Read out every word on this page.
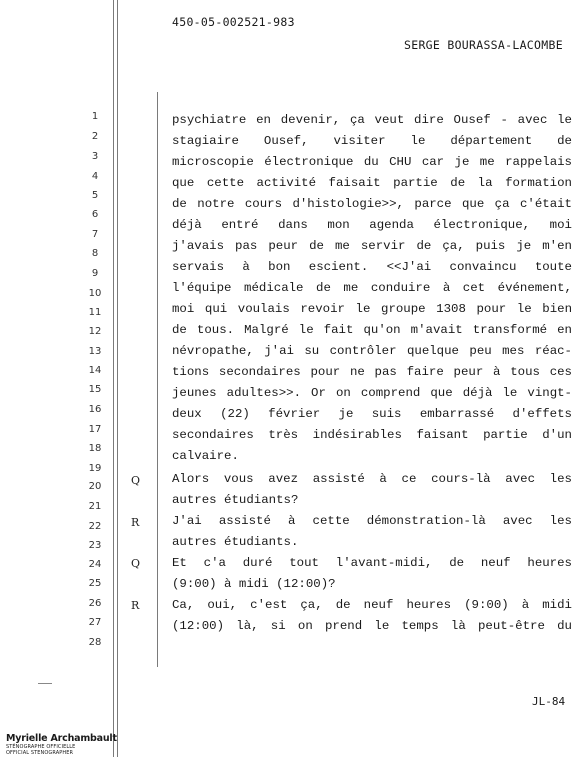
450-05-002521-983
SERGE BOURASSA-LACOMBE
1
2
3
4
5
6
7
8
9
10
11
12
13
14
15
16
17
18
19
20
21
22
23
24
25
26
27
28
Q
R
Q
R
psychiatre en devenir, ça veut dire Ousef - avec le
stagiaire Ousef, visiter le département de
microscopie électronique du CHU car je me rappelais
que cette activité faisait partie de la formation
de notre cours d'histologie>>, parce que ça c'était
déjà entré dans mon agenda électronique, moi
j'avais pas peur de me servir de ça, puis je m'en
servais à bon escient. <<J'ai convaincu toute
l'équipe médicale de me conduire à cet événement,
moi qui voulais revoir le groupe 1308 pour le bien
de tous. Malgré le fait qu'on m'avait transformé en
névropathe, j'ai su contrôler quelque peu mes réac-
tions secondaires pour ne pas faire peur à tous ces
jeunes adultes>>. Or on comprend que déjà le vingt-
deux (22) février je suis embarrassé d'effets
secondaires très indésirables faisant partie d'un
calvaire.
Alors vous avez assisté à ce cours-là avec les
autres étudiants?
J'ai assisté à cette démonstration-là avec les
autres étudiants.
Et c'a duré tout l'avant-midi, de neuf heures
(9:00) à midi (12:00)?
Ca, oui, c'est ça, de neuf heures (9:00) à midi
(12:00) là, si on prend le temps là peut-être du
JL-84
Myrielle Archambault
STÉNOGRAPHE OFFICIELLE
OFFICIAL STENOGRAPHER
